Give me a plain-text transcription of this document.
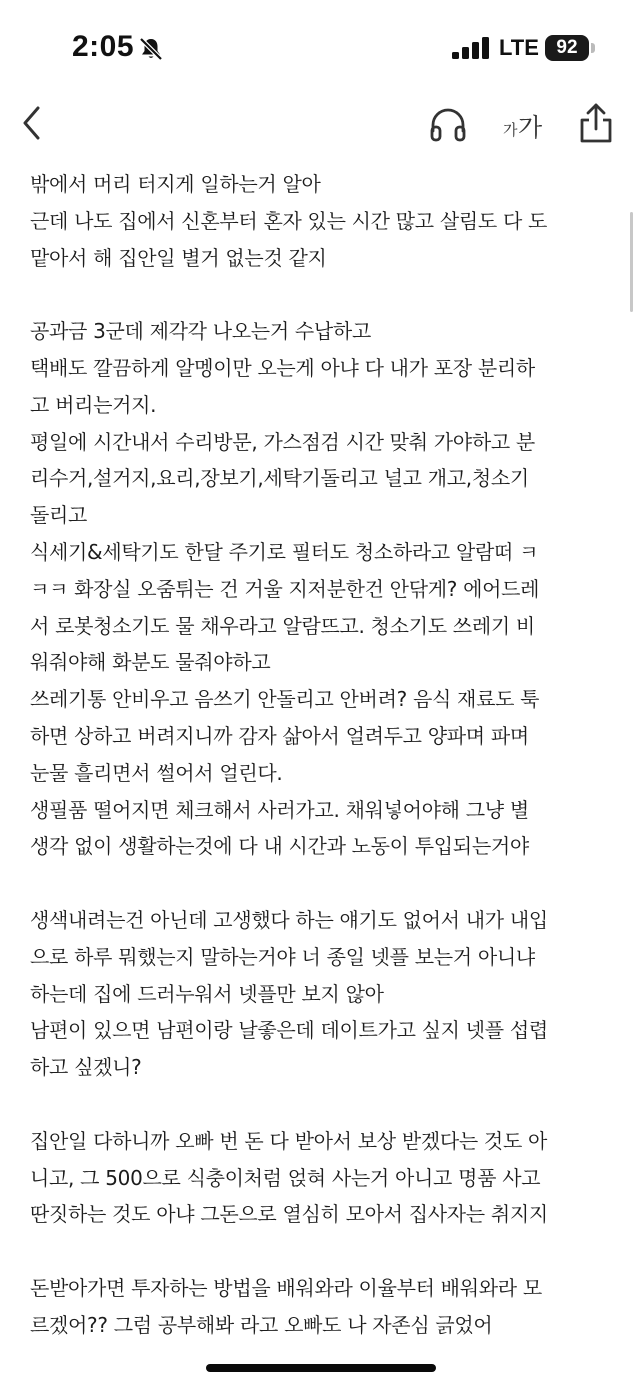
2:05	LTE 92
가 가
밖에서 머리 터지게 일하는거 알아
근데 나도 집에서 신혼부터 혼자 있는 시간 많고 살림도 다 도
맡아서 해 집안일 별거 없는것 같지
공과금 3군데 제각각 나오는거 수납하고
택배도 깔끔하게 알멩이만 오는게 아냐 다 내가 포장 분리하
고 버리는거지.
평일에 시간내서 수리방문, 가스점검 시간 맞춰 가야하고 분
리수거,설거지,요리,장보기,세탁기돌리고 널고 개고,청소기
돌리고
식세기&세탁기도 한달 주기로 필터도 청소하라고 알람떠 ㅋ
ㅋㅋ 화장실 오줌튀는 건 거울 지저분한건 안닦게? 에어드레
서 로봇청소기도 물 채우라고 알람뜨고. 청소기도 쓰레기 비
워줘야해 화분도 물줘야하고
쓰레기통 안비우고 음쓰기 안돌리고 안버려? 음식 재료도 툭
하면 상하고 버려지니까 감자 삶아서 얼려두고 양파며 파며
눈물 흘리면서 썰어서 얼린다.
생필품 떨어지면 체크해서 사러가고. 채워넣어야해 그냥 별
생각 없이 생활하는것에 다 내 시간과 노동이 투입되는거야
생색내려는건 아닌데 고생했다 하는 얘기도 없어서 내가 내입
으로 하루 뭐했는지 말하는거야 너 종일 넷플 보는거 아니냐
하는데 집에 드러누워서 넷플만 보지 않아
남편이 있으면 남편이랑 날좋은데 데이트가고 싶지 넷플 섭렵
하고 싶겠니?
집안일 다하니까 오빠 번 돈 다 받아서 보상 받겠다는 것도 아
니고, 그 500으로 식충이처럼 얹혀 사는거 아니고 명품 사고
딴짓하는 것도 아냐 그돈으로 열심히 모아서 집사자는 취지지
돈받아가면 투자하는 방법을 배워와라 이율부터 배워와라 모
르겠어?? 그럼 공부해봐 라고 오빠도 나 자존심 긁었어
